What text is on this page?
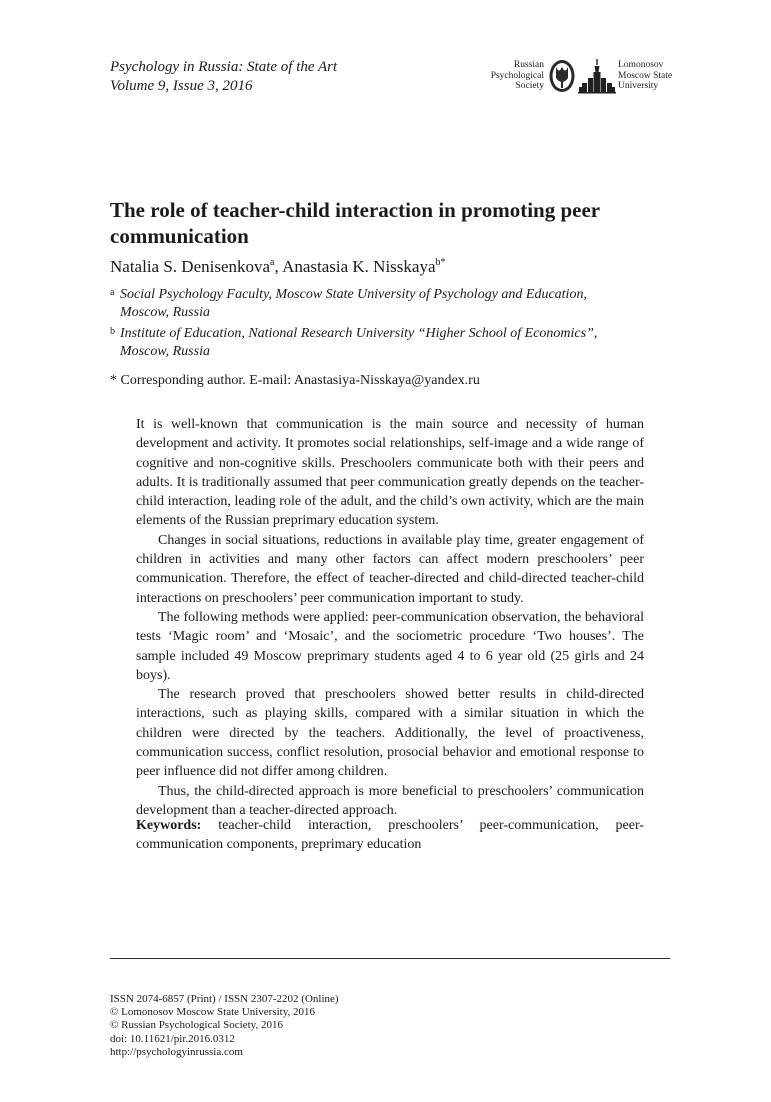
Psychology in Russia: State of the Art
Volume 9, Issue 3, 2016
Russian
Psychological
Society
Lomonosov
Moscow State
University
The role of teacher-child interaction in promoting peer communication
Natalia S. Denisenkova$^a$, Anastasia K. Nisskaya$^{b*}$
a Social Psychology Faculty, Moscow State University of Psychology and Education, Moscow, Russia
b Institute of Education, National Research University “Higher School of Economics”, Moscow, Russia
* Corresponding author. E-mail: Anastasiya-Nisskaya@yandex.ru

It is well-known that communication is the main source and necessity of human development and activity. It promotes social relationships, self-image and a wide range of cognitive and non-cognitive skills. Preschoolers communicate both with their peers and adults. It is traditionally assumed that peer communication greatly depends on the teacher-child interaction, leading role of the adult, and the child’s own activity, which are the main elements of the Russian preprimary education system.

Changes in social situations, reductions in available play time, greater engagement of children in activities and many other factors can affect modern preschoolers’ peer communication. Therefore, the effect of teacher-directed and child-directed teacher-child interactions on preschoolers’ peer communication important to study.

The following methods were applied: peer-communication observation, the behavioral tests ‘Magic room’ and ‘Mosaic’, and the sociometric procedure ‘Two houses’. The sample included 49 Moscow preprimary students aged 4 to 6 year old (25 girls and 24 boys).

The research proved that preschoolers showed better results in child-directed interactions, such as playing skills, compared with a similar situation in which the children were directed by the teachers. Additionally, the level of proactiveness, communication success, conflict resolution, prosocial behavior and emotional response to peer influence did not differ among children.

Thus, the child-directed approach is more beneficial to preschoolers’ communication development than a teacher-directed approach.

Keywords: teacher-child interaction, preschoolers’ peer-communication, peer-communication components, preprimary education
ISSN 2074-6857 (Print) / ISSN 2307-2202 (Online)
© Lomonosov Moscow State University, 2016
© Russian Psychological Society, 2016
doi: 10.11621/pir.2016.0312
http://psychologyinrussia.com
